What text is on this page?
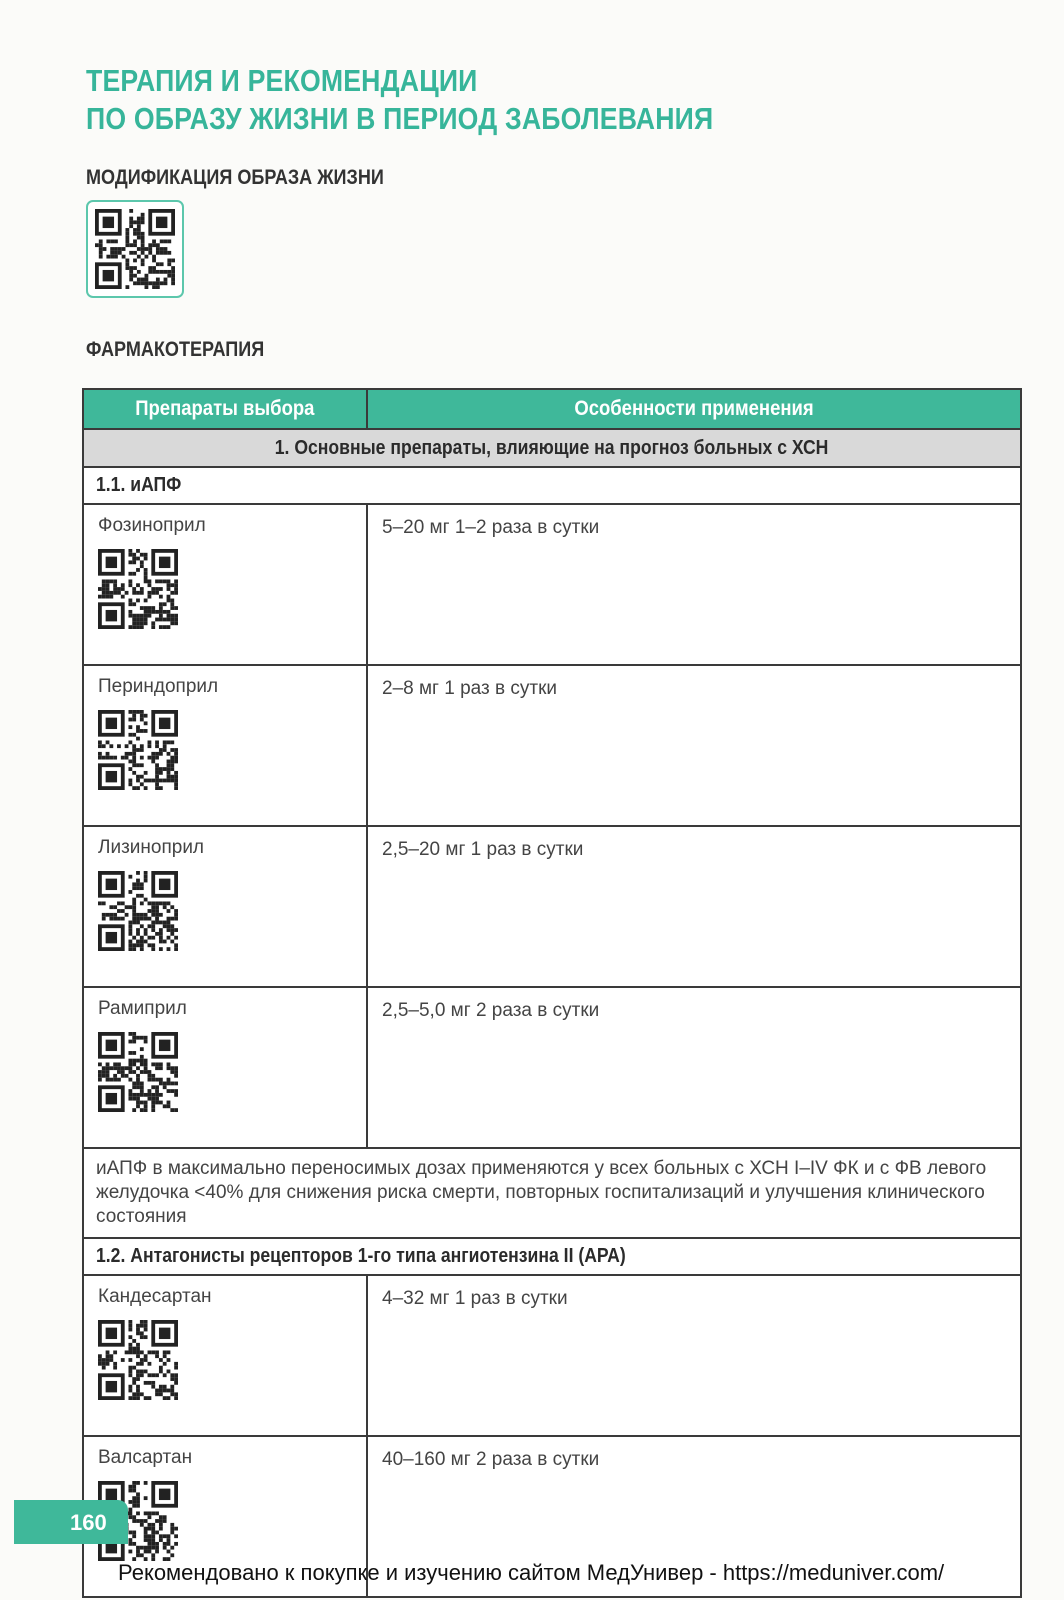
ТЕРАПИЯ И РЕКОМЕНДАЦИИ
ПО ОБРАЗУ ЖИЗНИ В ПЕРИОД ЗАБОЛЕВАНИЯ
МОДИФИКАЦИЯ ОБРАЗА ЖИЗНИ
ФАРМАКОТЕРАПИЯ
Препараты выбора	Особенности применения
1. Основные препараты, влияющие на прогноз больных с ХСН	
1.1. иАПФ	

Фозиноприл	5–20 мг 1–2 раза в сутки

Периндоприл	2–8 мг 1 раз в сутки

Лизиноприл	2,5–20 мг 1 раз в сутки

Рамиприл	2,5–5,0 мг 2 раза в сутки
иАПФ в максимально переносимых дозах применяются у всех больных с ХСН I–IV ФК и с ФВ левого желудочка <40% для снижения риска смерти, повторных госпитализаций и улучшения клинического состояния	
1.2. Антагонисты рецепторов 1-го типа ангиотензина II (АРА)	

Кандесартан	4–32 мг 1 раз в сутки

Валсартан	40–160 мг 2 раза в сутки
160
Рекомендовано к покупке и изучению сайтом МедУнивер - https://meduniver.com/
